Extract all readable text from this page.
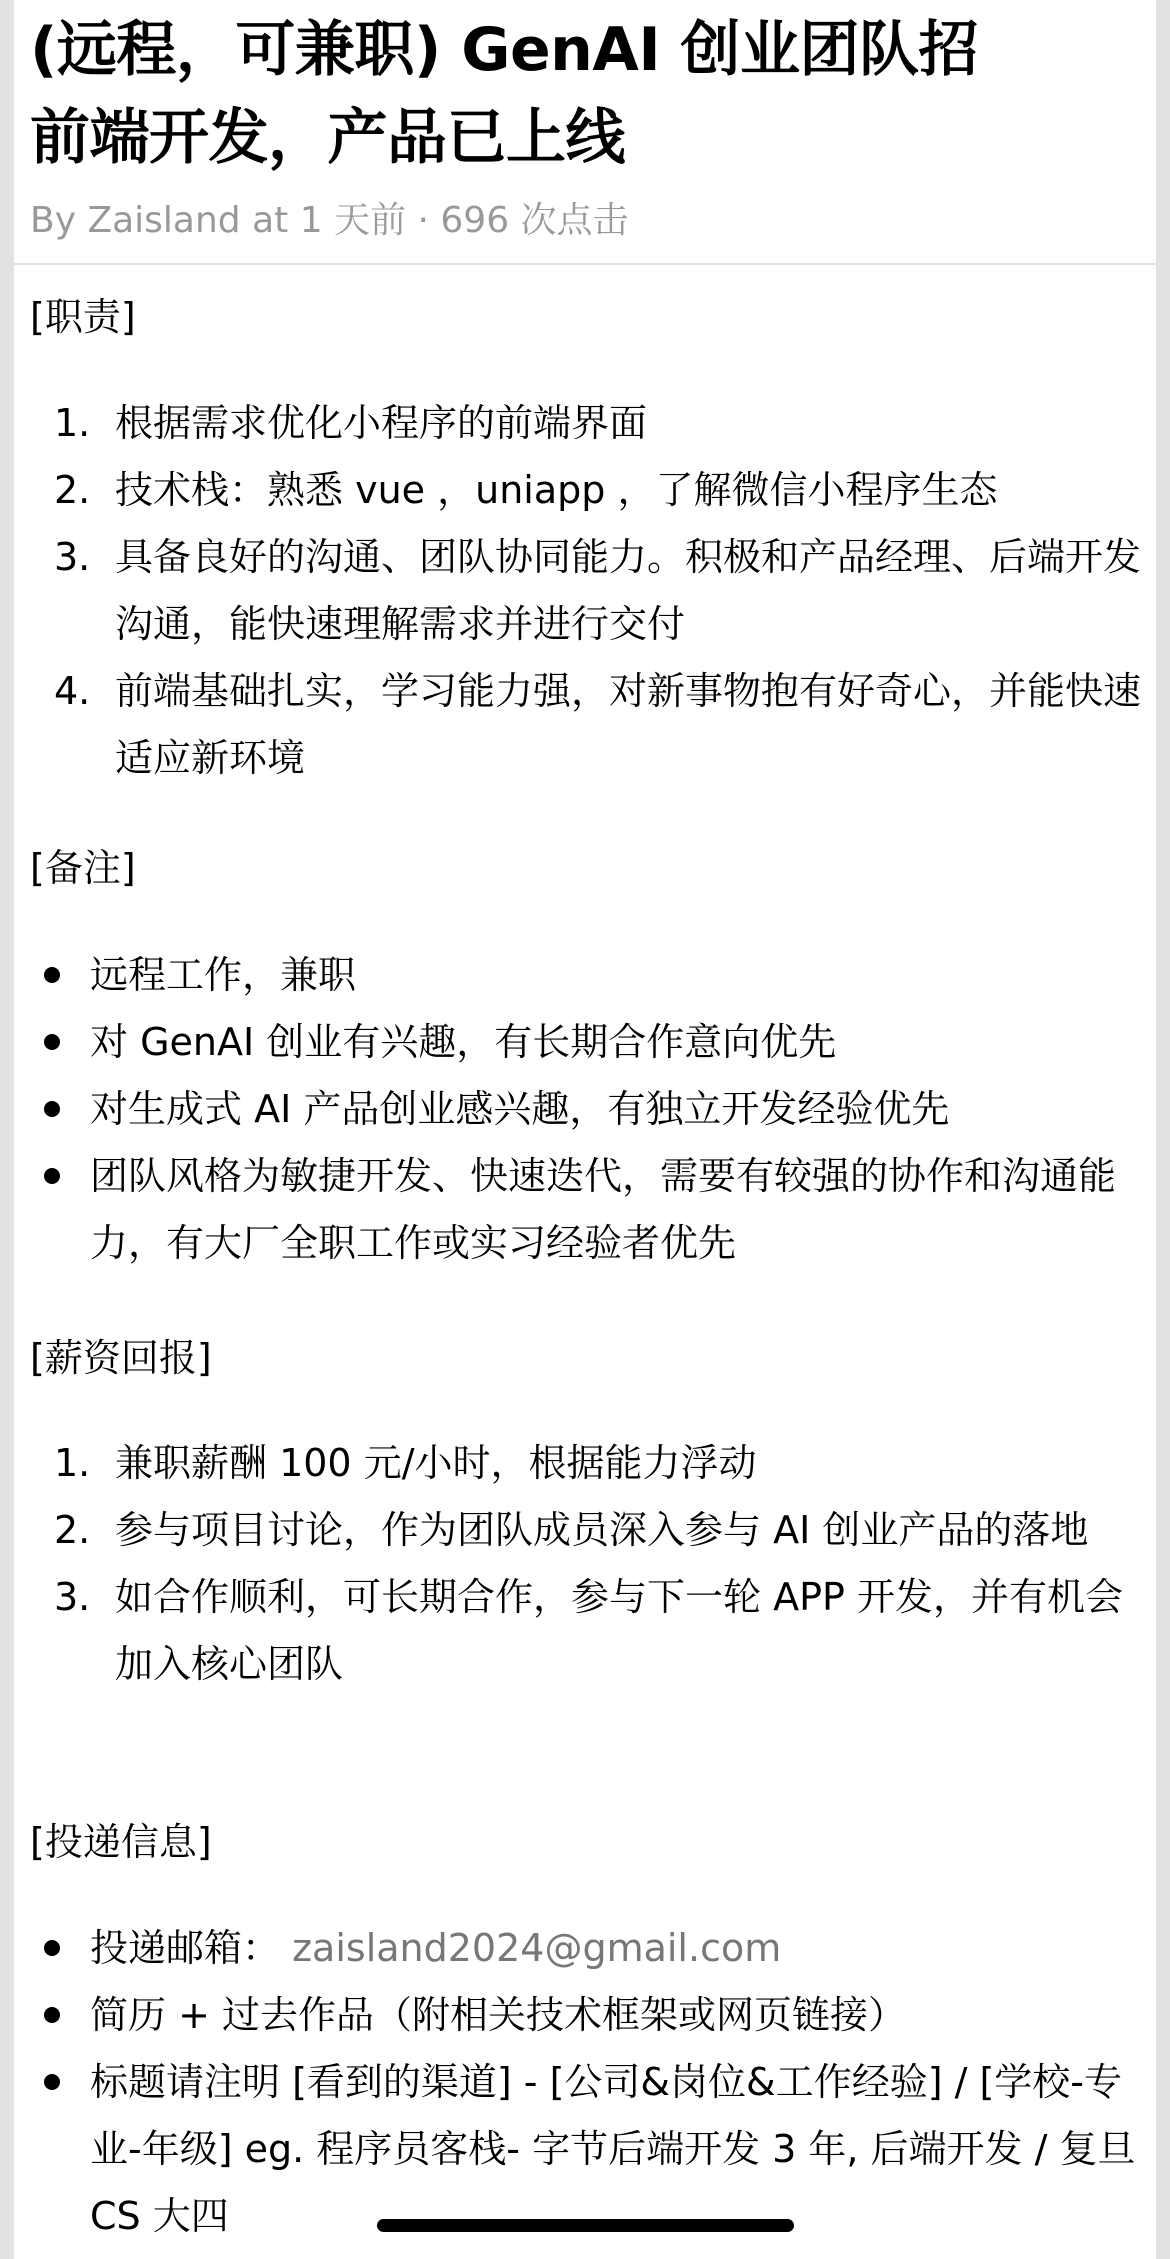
(远程，可兼职) GenAI 创业团队招
前端开发，产品已上线
By Zaisland at 1 天前 · 696 次点击
[职责]
1. 根据需求优化小程序的前端界面
2. 技术栈：熟悉 vue ，uniapp ，了解微信小程序生态
3. 具备良好的沟通、团队协同能力。积极和产品经理、后端开发沟通，能快速理解需求并进行交付
4. 前端基础扎实，学习能力强，对新事物抱有好奇心，并能快速适应新环境
[备注]
远程工作，兼职
对 GenAI 创业有兴趣，有长期合作意向优先
对生成式 AI 产品创业感兴趣，有独立开发经验优先
团队风格为敏捷开发、快速迭代，需要有较强的协作和沟通能力，有大厂全职工作或实习经验者优先
[薪资回报]
1. 兼职薪酬 100 元/小时，根据能力浮动
2. 参与项目讨论，作为团队成员深入参与 AI 创业产品的落地
3. 如合作顺利，可长期合作，参与下一轮 APP 开发，并有机会加入核心团队
[投递信息]
投递邮箱： zaisland2024@gmail.com
简历 + 过去作品（附相关技术框架或网页链接）
标题请注明 [看到的渠道] - [公司&岗位&工作经验] / [学校-专业-年级] eg. 程序员客栈- 字节后端开发 3 年, 后端开发 / 复旦 CS 大四
